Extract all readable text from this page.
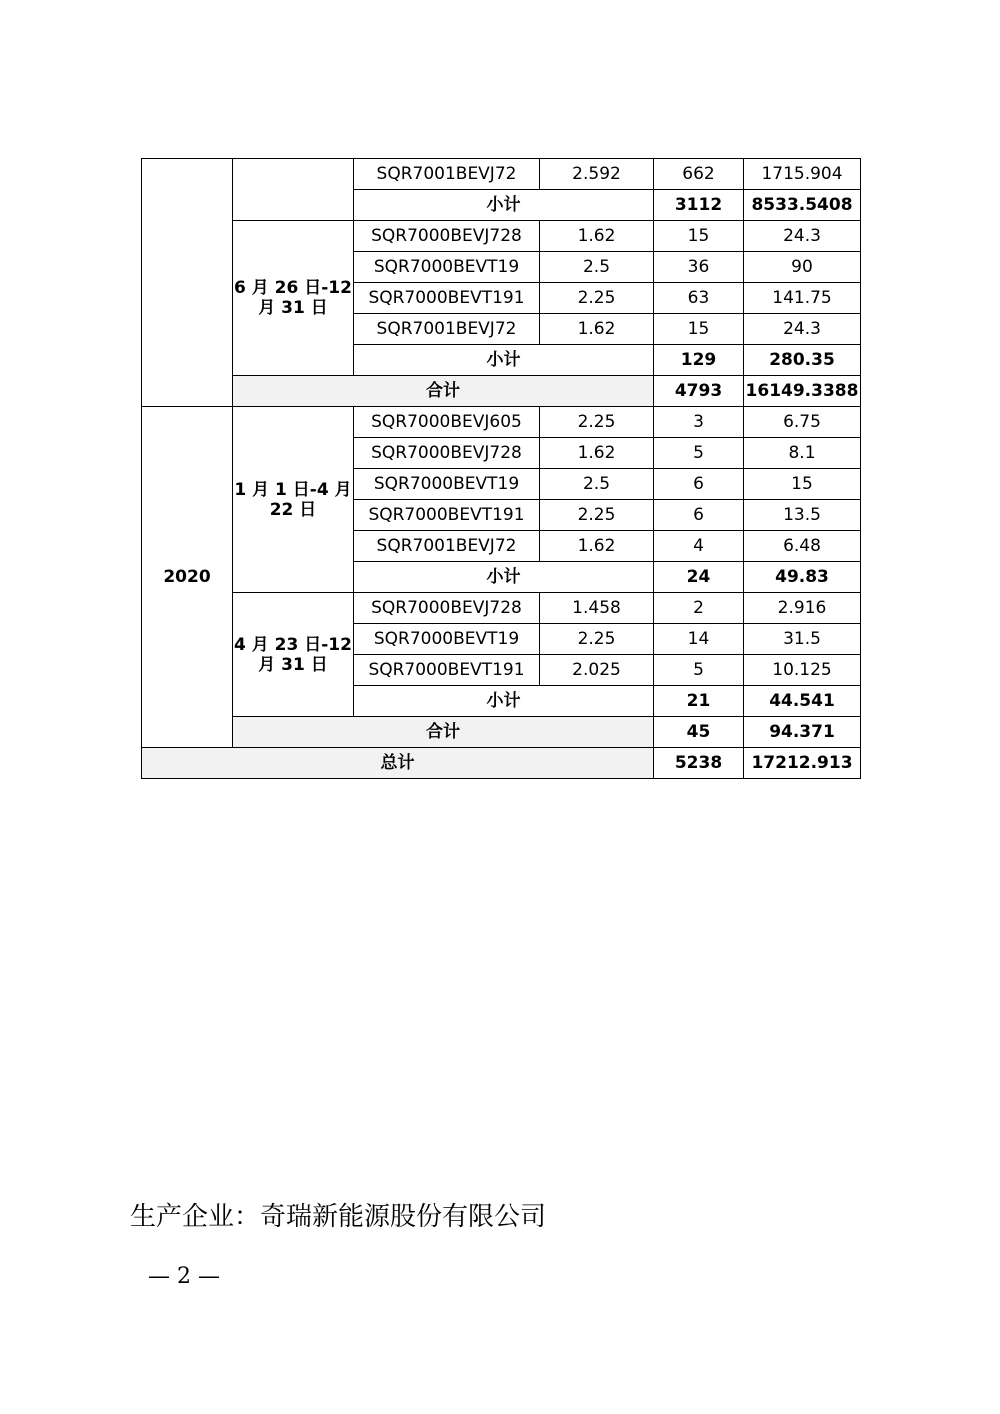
		SQR7001BEVJ72	2.592	662	1715.904
		小计		3112	8533.5408
	6 月 26 日-12 月 31 日	SQR7000BEVJ728	1.62	15	24.3
		SQR7000BEVT19	2.5	36	90
		SQR7000BEVT191	2.25	63	141.75
		SQR7001BEVJ72	1.62	15	24.3
		小计		129	280.35
	合计			4793	16149.3388
2020	1 月 1 日-4 月 22 日	SQR7000BEVJ605	2.25	3	6.75
		SQR7000BEVJ728	1.62	5	8.1
		SQR7000BEVT19	2.5	6	15
		SQR7000BEVT191	2.25	6	13.5
		SQR7001BEVJ72	1.62	4	6.48
		小计		24	49.83
	4 月 23 日-12 月 31 日	SQR7000BEVJ728	1.458	2	2.916
		SQR7000BEVT19	2.25	14	31.5
		SQR7000BEVT191	2.025	5	10.125
		小计		21	44.541
	合计			45	94.371
总计				5238	17212.913
生产企业：奇瑞新能源股份有限公司
— 2 —
